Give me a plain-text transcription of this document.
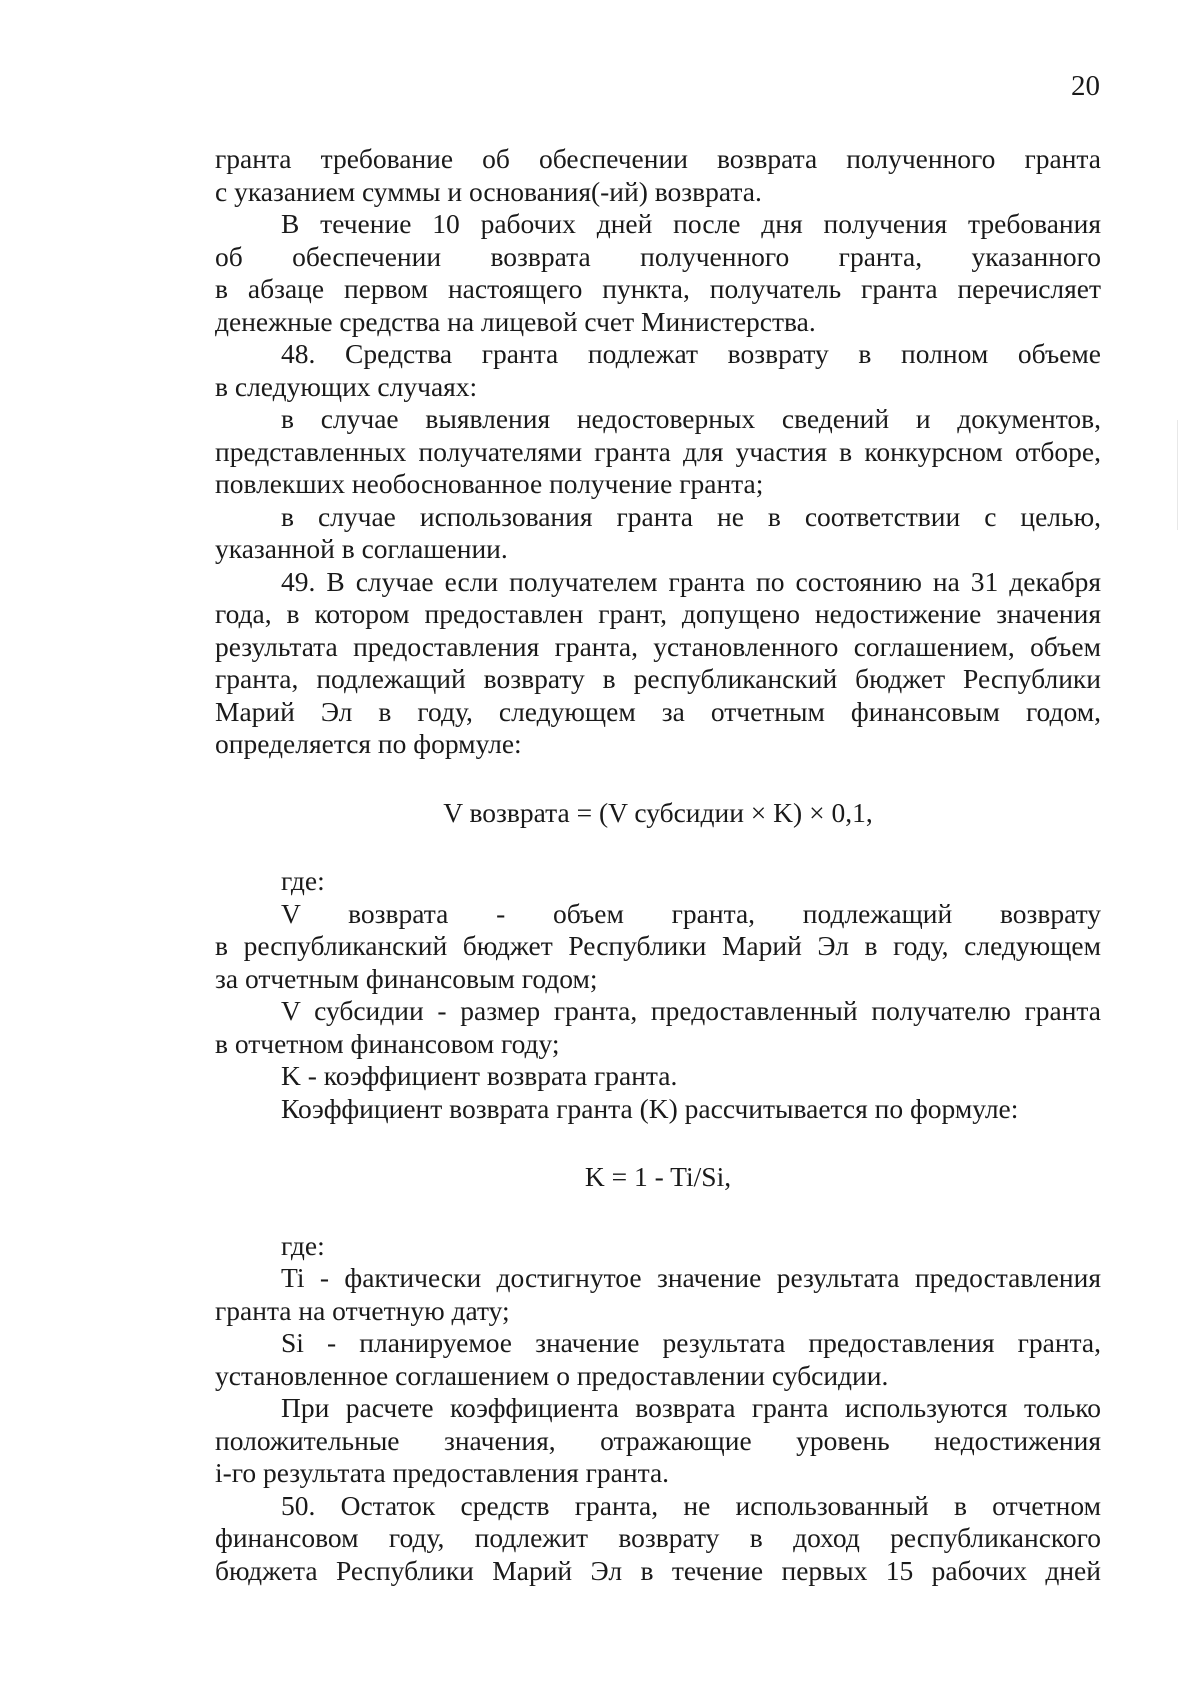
20
гранта требование об обеспечении возврата полученного гранта
с указанием суммы и основания(-ий) возврата.
В течение 10 рабочих дней после дня получения требования
об обеспечении возврата полученного гранта, указанного
в абзаце первом настоящего пункта, получатель гранта перечисляет
денежные средства на лицевой счет Министерства.
48. Средства гранта подлежат возврату в полном объеме
в следующих случаях:
в случае выявления недостоверных сведений и документов,
представленных получателями гранта для участия в конкурсном отборе,
повлекших необоснованное получение гранта;
в случае использования гранта не в соответствии с целью,
указанной в соглашении.
49. В случае если получателем гранта по состоянию на 31 декабря
года, в котором предоставлен грант, допущено недостижение значения
результата предоставления гранта, установленного соглашением, объем
гранта, подлежащий возврату в республиканский бюджет Республики
Марий Эл в году, следующем за отчетным финансовым годом,
определяется по формуле:
V возврата = (V субсидии × K) × 0,1,
где:
V возврата - объем гранта, подлежащий возврату
в республиканский бюджет Республики Марий Эл в году, следующем
за отчетным финансовым годом;
V субсидии - размер гранта, предоставленный получателю гранта
в отчетном финансовом году;
K - коэффициент возврата гранта.
Коэффициент возврата гранта (K) рассчитывается по формуле:
K = 1 - Ti/Si,
где:
Ti - фактически достигнутое значение результата предоставления
гранта на отчетную дату;
Si - планируемое значение результата предоставления гранта,
установленное соглашением о предоставлении субсидии.
При расчете коэффициента возврата гранта используются только
положительные значения, отражающие уровень недостижения
i-го результата предоставления гранта.
50. Остаток средств гранта, не использованный в отчетном
финансовом году, подлежит возврату в доход республиканского
бюджета Республики Марий Эл в течение первых 15 рабочих дней
